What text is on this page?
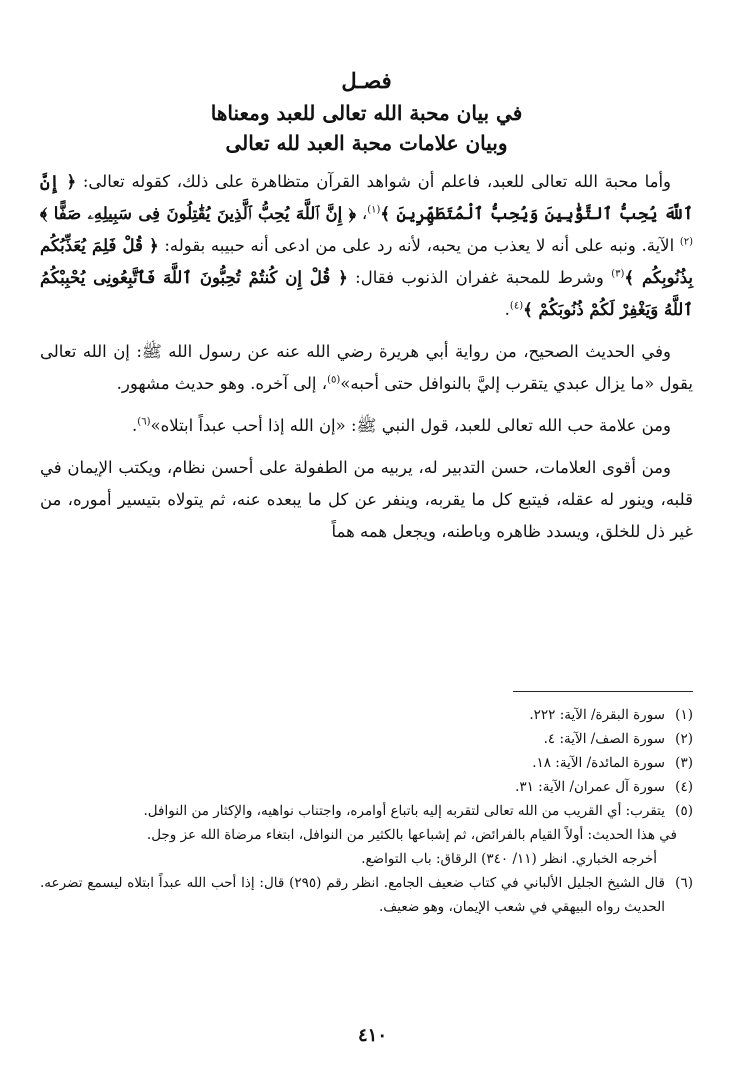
فصـل
في بيان محبة الله تعالى للعبد ومعناها
وبيان علامات محبة العبد لله تعالى

وأما محبة الله تعالى للعبد، فاعلم أن شواهد القرآن متظاهرة على ذلك، كقوله تعالى: ﴿ إِنَّ ٱللَّهَ يُحِبُّ ٱلتَّوَّٰبِينَ وَيُحِبُّ ٱلْمُتَطَهِّرِينَ ﴾$^{(١)}$، ﴿ إِنَّ ٱللَّهَ يُحِبُّ ٱلَّذِينَ يُقَٰتِلُونَ فِى سَبِيلِهِۦ صَفًّا ﴾$^{(٢)}$ الآية. ونبه على أنه لا يعذب من يحبه، لأنه رد على من ادعى أنه حبيبه بقوله: ﴿ قُلْ فَلِمَ يُعَذِّبُكُم بِذُنُوبِكُم ﴾$^{(٣)}$ وشرط للمحبة غفران الذنوب فقال: ﴿ قُلْ إِن كُنتُمْ تُحِبُّونَ ٱللَّهَ فَٱتَّبِعُونِى يُحْبِبْكُمُ ٱللَّهُ وَيَغْفِرْ لَكُمْ ذُنُوبَكُمْ ﴾$^{(٤)}$.

وفي الحديث الصحيح، من رواية أبي هريرة رضي الله عنه عن رسول الله ﷺ: إن الله تعالى يقول «ما يزال عبدي يتقرب إليَّ بالنوافل حتى أحبه»$^{(٥)}$، إلى آخره. وهو حديث مشهور.

ومن علامة حب الله تعالى للعبد، قول النبي ﷺ: «إن الله إذا أحب عبداً ابتلاه»$^{(٦)}$.

ومن أقوى العلامات، حسن التدبير له، يربيه من الطفولة على أحسن نظام، ويكتب الإيمان في قلبه، وينور له عقله، فيتبع كل ما يقربه، وينفر عن كل ما يبعده عنه، ثم يتولاه بتيسير أموره، من غير ذل للخلق، ويسدد ظاهره وباطنه، ويجعل همه هماً

(١)
سورة البقرة/ الآية: ٢٢٢.
(٢)
سورة الصف/ الآية: ٤.
(٣)
سورة المائدة/ الآية: ١٨.
(٤)
سورة آل عمران/ الآية: ٣١.
(٥)
يتقرب: أي القريب من الله تعالى لتقربه إليه باتباع أوامره، واجتناب نواهيه، والإكثار من النوافل.
في هذا الحديث: أولاً القيام بالفرائض، ثم إشباعها بالكثير من النوافل، ابتغاء مرضاة الله عز وجل.
أخرجه الخباري. انظر (١١/ ٣٤٠) الرقاق: باب التواضع.
(٦)
قال الشيخ الجليل الألباني في كتاب ضعيف الجامع. انظر رقم (٢٩٥) قال: إذا أحب الله عبداً ابتلاه ليسمع تضرعه. الحديث رواه البيهقي في شعب الإيمان، وهو ضعيف.
٤١٠
